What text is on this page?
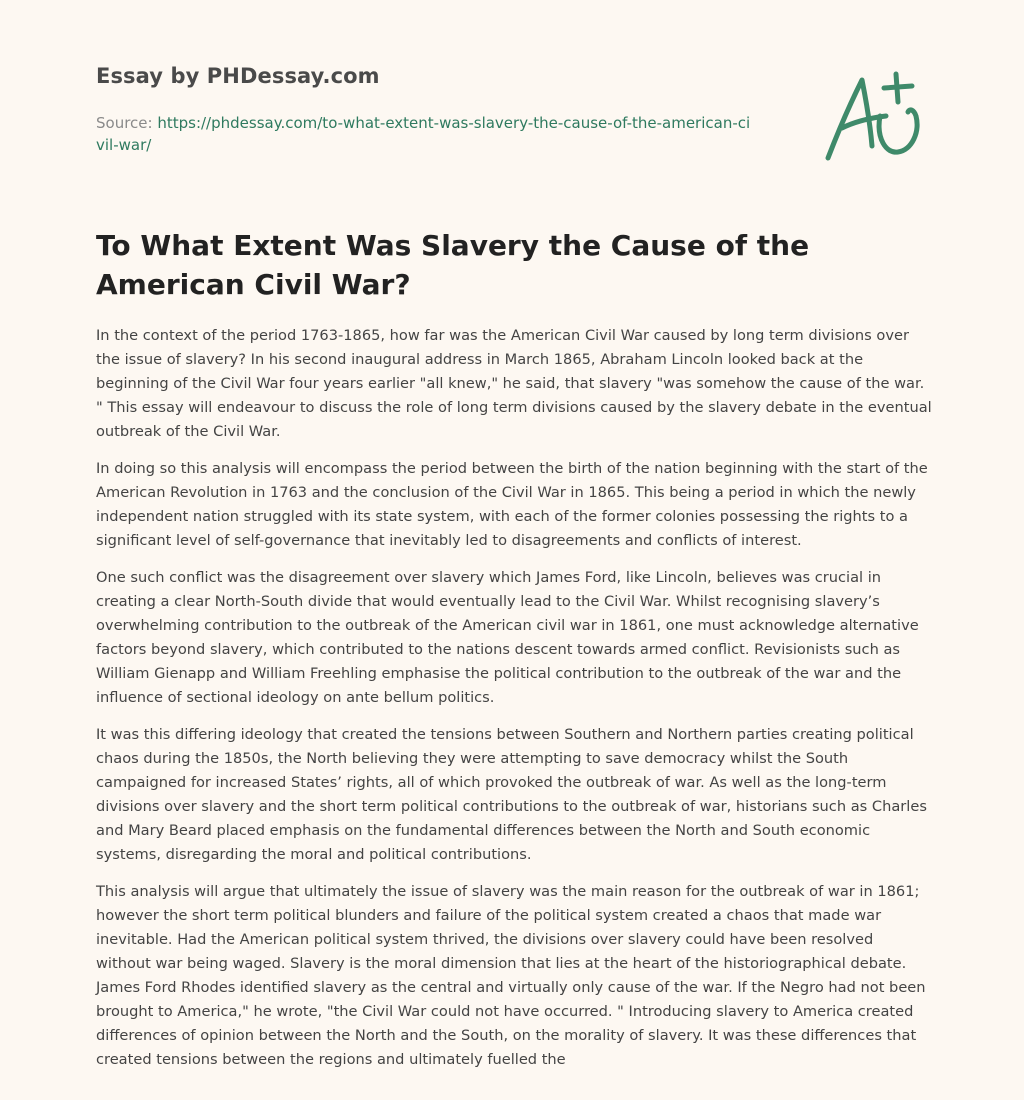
Essay by PHDessay.com
Source: https://phdessay.com/to-what-extent-was-slavery-the-cause-of-the-american-civil-war/
To What Extent Was Slavery the Cause of the American Civil War?

In the context of the period 1763-1865, how far was the American Civil War caused by long term divisions over the issue of slavery? In his second inaugural address in March 1865, Abraham Lincoln looked back at the beginning of the Civil War four years earlier "all knew," he said, that slavery "was somehow the cause of the war. " This essay will endeavour to discuss the role of long term divisions caused by the slavery debate in the eventual outbreak of the Civil War.

In doing so this analysis will encompass the period between the birth of the nation beginning with the start of the American Revolution in 1763 and the conclusion of the Civil War in 1865. This being a period in which the newly independent nation struggled with its state system, with each of the former colonies possessing the rights to a significant level of self-governance that inevitably led to disagreements and conflicts of interest.

One such conflict was the disagreement over slavery which James Ford, like Lincoln, believes was crucial in creating a clear North-South divide that would eventually lead to the Civil War. Whilst recognising slavery’s overwhelming contribution to the outbreak of the American civil war in 1861, one must acknowledge alternative factors beyond slavery, which contributed to the nations descent towards armed conflict. Revisionists such as William Gienapp and William Freehling emphasise the political contribution to the outbreak of the war and the influence of sectional ideology on ante bellum politics.

It was this differing ideology that created the tensions between Southern and Northern parties creating political chaos during the 1850s, the North believing they were attempting to save democracy whilst the South campaigned for increased States’ rights, all of which provoked the outbreak of war. As well as the long-term divisions over slavery and the short term political contributions to the outbreak of war, historians such as Charles and Mary Beard placed emphasis on the fundamental differences between the North and South economic systems, disregarding the moral and political contributions.

This analysis will argue that ultimately the issue of slavery was the main reason for the outbreak of war in 1861; however the short term political blunders and failure of the political system created a chaos that made war inevitable. Had the American political system thrived, the divisions over slavery could have been resolved without war being waged. Slavery is the moral dimension that lies at the heart of the historiographical debate. James Ford Rhodes identified slavery as the central and virtually only cause of the war. If the Negro had not been brought to America," he wrote, "the Civil War could not have occurred. " Introducing slavery to America created differences of opinion between the North and the South, on the morality of slavery. It was these differences that created tensions between the regions and ultimately fuelled the
